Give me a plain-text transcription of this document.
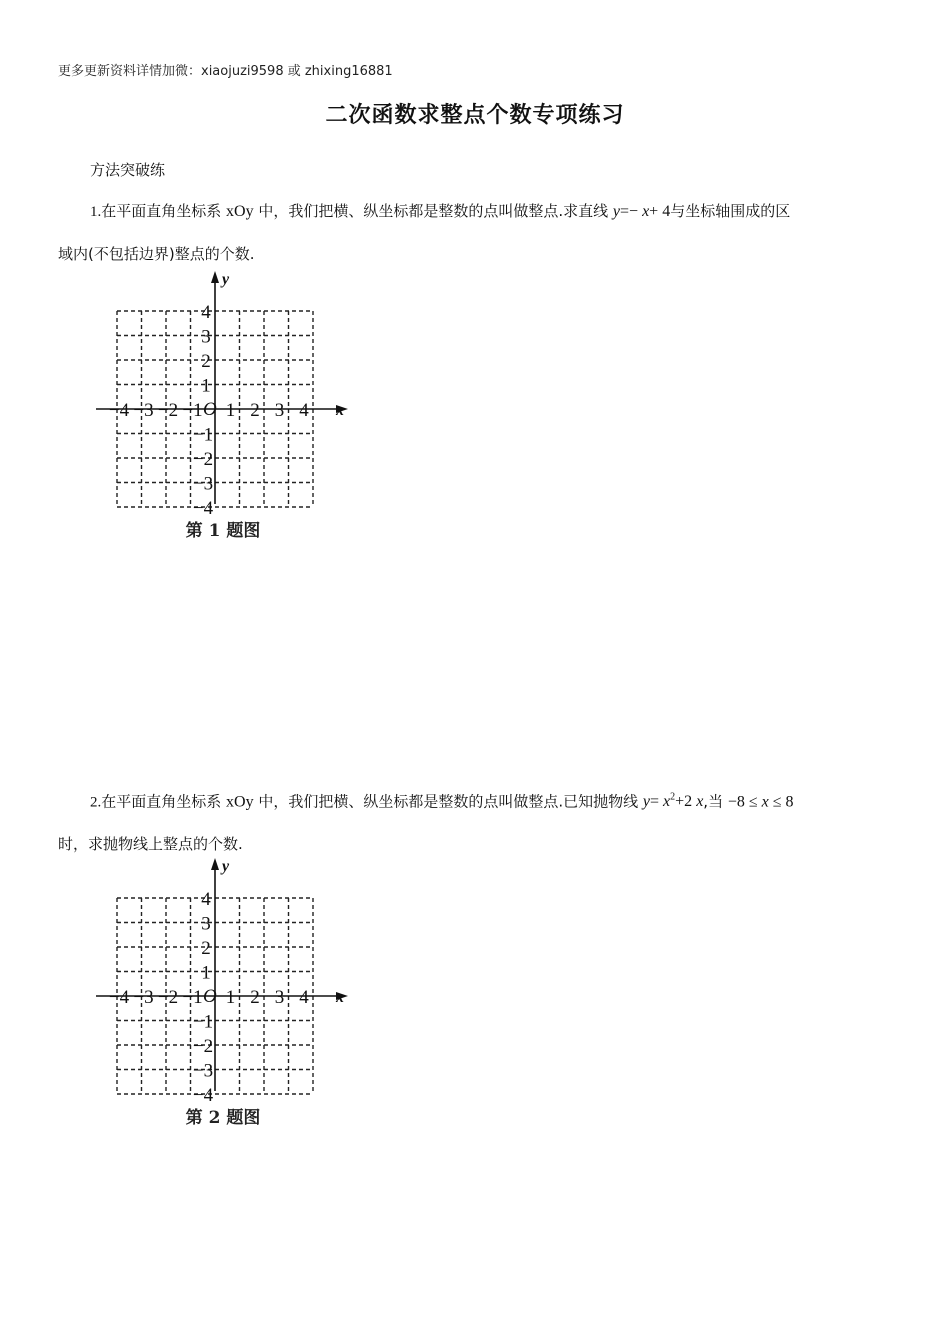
更多更新资料详情加微：xiaojuzi9598 或 zhixing16881
二次函数求整点个数专项练习
方法突破练
1.在平面直角坐标系 xOy 中，我们把横、纵坐标都是整数的点叫做整点.求直线 y=− x+ 4与坐标轴围成的区
域内(不包括边界)整点的个数.
x
y
O
−4 −3 −2 −1 1 2 3 4
1
2
3
4
−1
−2
−3
−4
第 1 题图
2.在平面直角坐标系 xOy 中，我们把横、纵坐标都是整数的点叫做整点.已知抛物线 $y= x^2+2$ x,当 −8 ≤ x ≤ 8
时，求抛物线上整点的个数.
x
y
O
−4 −3 −2 −1 1 2 3 4
1
2
3
4
−1
−2
−3
−4
第 2 题图
